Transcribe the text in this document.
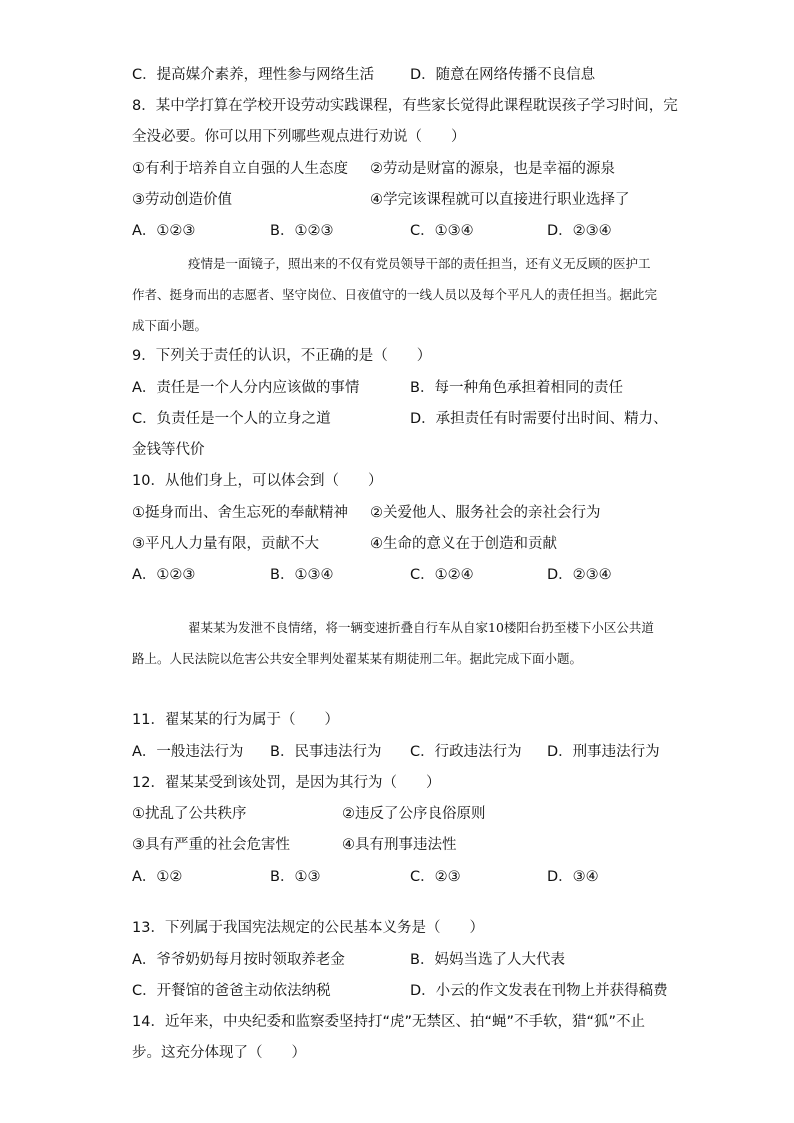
C．提高媒介素养，理性参与网络生活 D．随意在网络传播不良信息
8．某中学打算在学校开设劳动实践课程，有些家长觉得此课程耽误孩子学习时间，完
全没必要。你可以用下列哪些观点进行劝说（　　）
①有利于培养自立自强的人生态度 ②劳动是财富的源泉，也是幸福的源泉
③劳动创造价值	④学完该课程就可以直接进行职业选择了
A．①②③	B．①②③	C．①③④	D．②③④
疫情是一面镜子，照出来的不仅有党员领导干部的责任担当，还有义无反顾的医护工作者、挺身而出的志愿者、坚守岗位、日夜值守的一线人员以及每个平凡人的责任担当。据此完成下面小题。
9．下列关于责任的认识，不正确的是（　　）
A．责任是一个人分内应该做的事情	B．每一种角色承担着相同的责任
C．负责任是一个人的立身之道	D．承担责任有时需要付出时间、精力、
金钱等代价
10．从他们身上，可以体会到（　　）
①挺身而出、舍生忘死的奉献精神 ②关爱他人、服务社会的亲社会行为
③平凡人力量有限，贡献不大	④生命的意义在于创造和贡献
A．①②③	B．①③④	C．①②④	D．②③④
翟某某为发泄不良情绪，将一辆变速折叠自行车从自家10楼阳台扔至楼下小区公共道路上。人民法院以危害公共安全罪判处翟某某有期徒刑二年。据此完成下面小题。
11．翟某某的行为属于（　　）
A．一般违法行为 B．民事违法行为 C．行政违法行为 D．刑事违法行为
12．翟某某受到该处罚，是因为其行为（　　）
①扰乱了公共秩序	②违反了公序良俗原则
③具有严重的社会危害性	④具有刑事违法性
A．①②	B．①③	C．②③	D．③④
13．下列属于我国宪法规定的公民基本义务是（　　）
A．爷爷奶奶每月按时领取养老金	B．妈妈当选了人大代表
C．开餐馆的爸爸主动依法纳税	D．小云的作文发表在刊物上并获得稿费
14．近年来，中央纪委和监察委坚持打“虎”无禁区、拍“蝇”不手软，猎“狐”不止
步。这充分体现了（　　）
